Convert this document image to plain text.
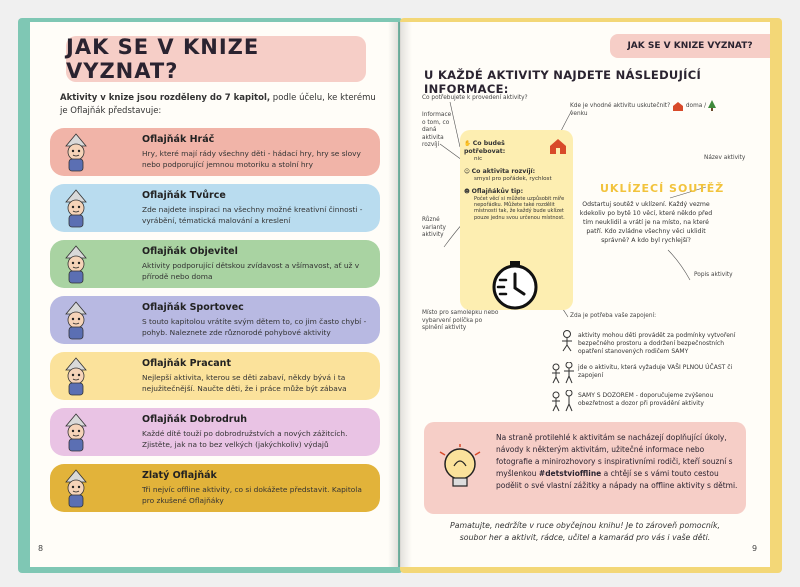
JAK SE V KNIZE VYZNAT?
Aktivity v knize jsou rozděleny do 7 kapitol, podle účelu, ke kterému je Oflajňák představuje:
Oflajňák Hráč
Hry, které mají rády všechny děti - hádací hry, hry se slovy nebo podporující jemnou motoriku a stolní hry
Oflajňák Tvůrce
Zde najdete inspiraci na všechny možné kreativní činnosti - vyrábění, tématická malování a kreslení
Oflajňák Objevitel
Aktivity podporující dětskou zvídavost a všímavost, ať už v přírodě nebo doma
Oflajňák Sportovec
S touto kapitolou vrátíte svým dětem to, co jim často chybí - pohyb. Naleznete zde různorodé pohybové aktivity
Oflajňák Pracant
Nejlepší aktivita, kterou se děti zabaví, někdy bývá i ta nejužitečnější. Naučte děti, že i práce může být zábava
Oflajňák Dobrodruh
Každé dítě touží po dobrodružstvích a nových zážitcích. Zjistěte, jak na to bez velkých (jakýchkoliv) výdajů
Zlatý Oflajňák
Tři nejvíc offline aktivity, co si dokážete představit. Kapitola pro zkušené Oflajňáky
8
JAK SE V KNIZE VYZNAT?
U KAŽDÉ AKTIVITY NAJDETE NÁSLEDUJÍCÍ INFORMACE:
Co potřebujete k provedení aktivity?
Kde je vhodné aktivitu uskutečnit?	doma /
venku
Informace o tom, co daná aktivita rozvíjí
Různé varianty aktivity
Název aktivity
Popis aktivity
Místo pro samolepku nebo vybarvení políčka po splnění aktivity
Zda je potřeba vaše zapojení:
✋ Co budeš potřebovat:
nic
☺ Co aktivita rozvíjí:
smysl pro pořádek, rychlost
☻ Oflajňákův tip:

Počet věcí si můžete uzpůsobit míře nepořádku. Můžete také rozdělit místnosti tak, že každý bude uklízet pouze jednu svou určenou místnost.
UKLÍZECÍ SOUTĚŽ
Odstartuj soutěž v uklízení. Každý vezme kdekoliv po bytě 10 věcí, které někdo před tím neuklidil a vrátí je na místo, na které patří. Kdo zvládne všechny věci uklidit správně? A kdo byl rychlejší?
aktivity mohou děti provádět za podmínky vytvoření bezpečného prostoru a dodržení bezpečnostních opatření stanovených rodičem SAMY
jde o aktivitu, která vyžaduje VAŠI PLNOU ÚČAST či zapojení
SAMY S DOZOREM - doporučujeme zvýšenou obezřetnost a dozor při provádění aktivity
Na straně protilehlé k aktivitám se nacházejí doplňující úkoly, návody k některým aktivitám, užitečné informace nebo fotografie a minirozhovory s inspirativními rodiči, kteří souzní s myšlenkou #detstvioffline a chtějí se s vámi touto cestou podělit o své vlastní zážitky a nápady na offline aktivity s dětmi.
Pamatujte, nedržíte v ruce obyčejnou knihu! Je to zároveň pomocník, soubor her a aktivit, rádce, učitel a kamarád pro vás i vaše děti.
9
